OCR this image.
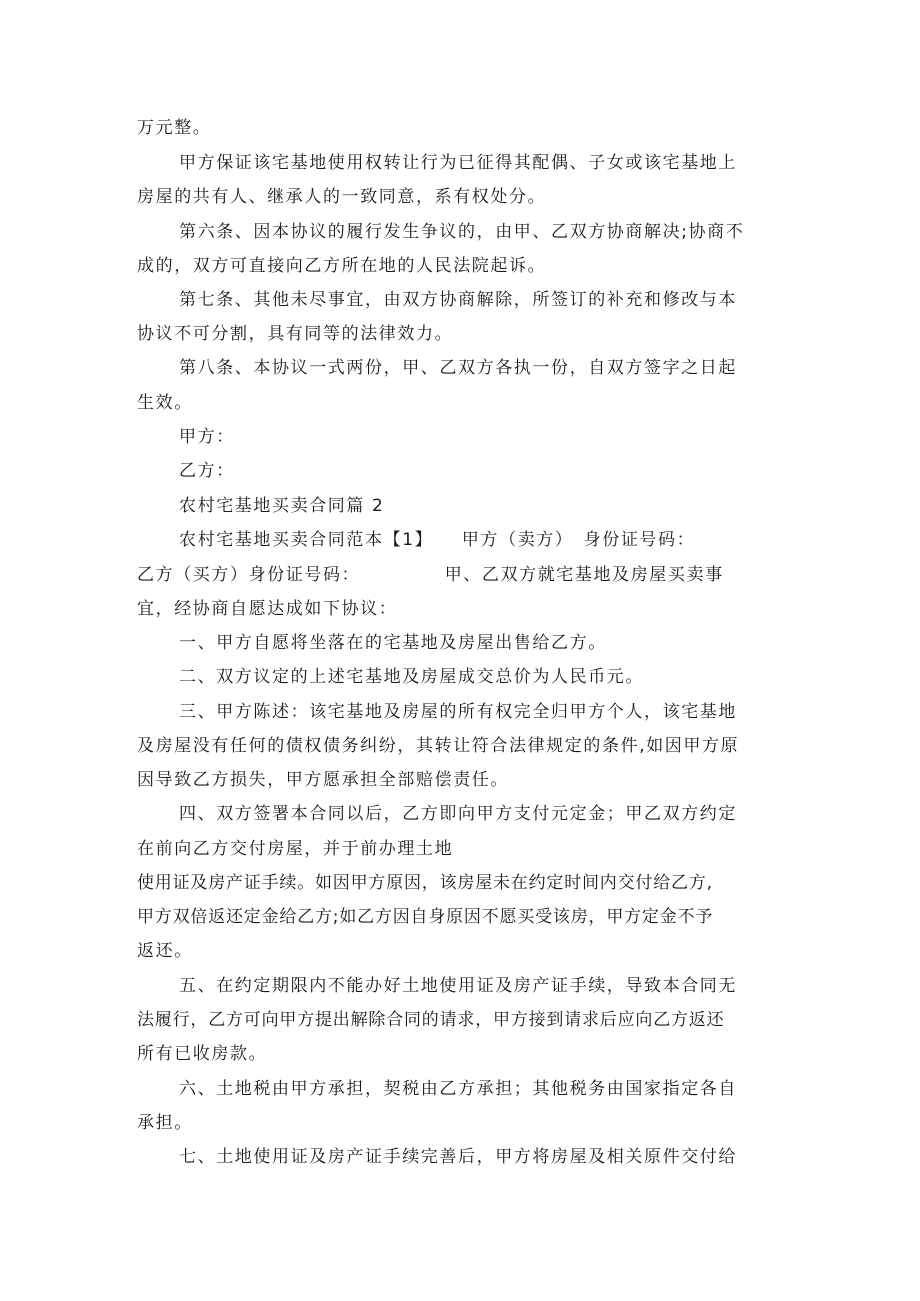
万元整。
甲方保证该宅基地使用权转让行为已征得其配偶、子女或该宅基地上
房屋的共有人、继承人的一致同意，系有权处分。
第六条、因本协议的履行发生争议的，由甲、乙双方协商解决;协商不
成的，双方可直接向乙方所在地的人民法院起诉。
第七条、其他未尽事宜，由双方协商解除，所签订的补充和修改与本
协议不可分割，具有同等的法律效力。
第八条、本协议一式两份，甲、乙双方各执一份，自双方签字之日起
生效。
甲方：
乙方：
农村宅基地买卖合同篇 2
农村宅基地买卖合同范本【1】　　甲方（卖方）　身份证号码：
乙方（买方）身份证号码：　　　　　甲、乙双方就宅基地及房屋买卖事
宜，经协商自愿达成如下协议：
一、甲方自愿将坐落在的宅基地及房屋出售给乙方。
二、双方议定的上述宅基地及房屋成交总价为人民币元。
三、甲方陈述：该宅基地及房屋的所有权完全归甲方个人，该宅基地
及房屋没有任何的债权债务纠纷，其转让符合法律规定的条件,如因甲方原
因导致乙方损失，甲方愿承担全部赔偿责任。
四、双方签署本合同以后，乙方即向甲方支付元定金；甲乙双方约定
在前向乙方交付房屋，并于前办理土地
使用证及房产证手续。如因甲方原因，该房屋未在约定时间内交付给乙方,
甲方双倍返还定金给乙方;如乙方因自身原因不愿买受该房，甲方定金不予
返还。
五、在约定期限内不能办好土地使用证及房产证手续，导致本合同无
法履行，乙方可向甲方提出解除合同的请求，甲方接到请求后应向乙方返还
所有已收房款。
六、土地税由甲方承担，契税由乙方承担；其他税务由国家指定各自
承担。
七、土地使用证及房产证手续完善后，甲方将房屋及相关原件交付给
